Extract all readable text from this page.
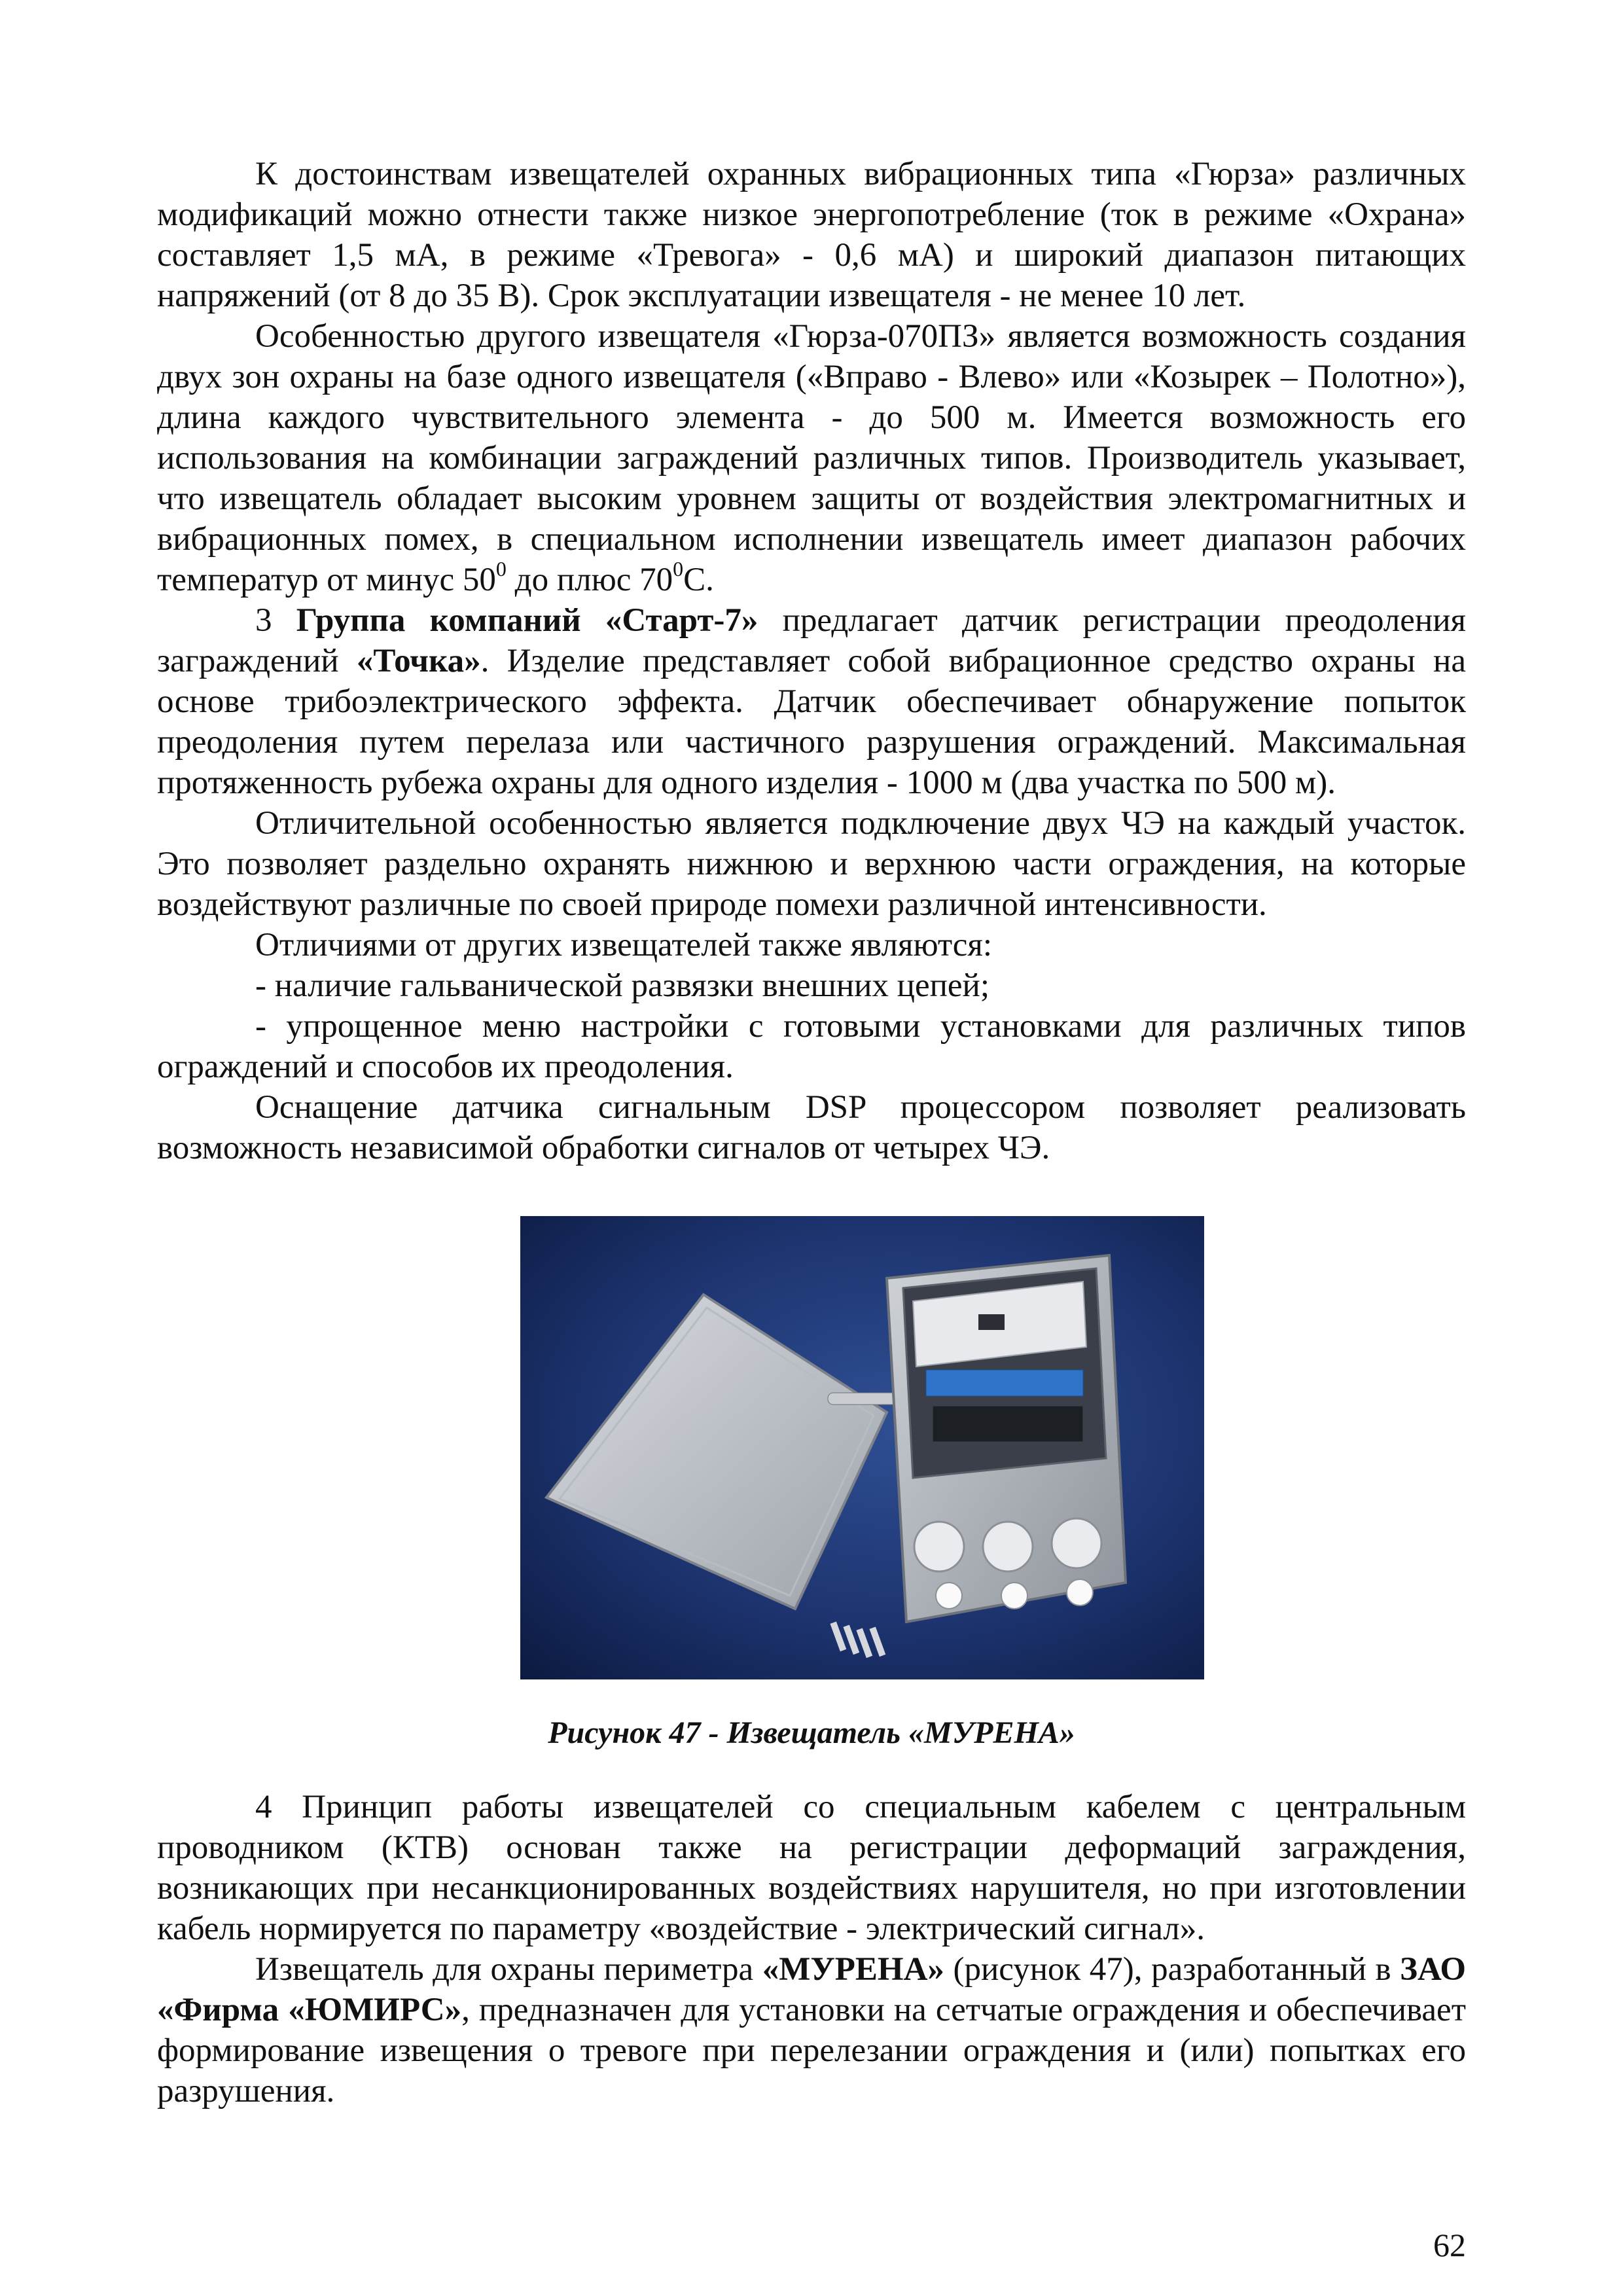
К достоинствам извещателей охранных вибрационных типа «Гюрза» различных модификаций можно отнести также низкое энергопотребление (ток в режиме «Охрана» составляет 1,5 мА, в режиме «Тревога» - 0,6 мА) и широкий диапазон питающих напряжений (от 8 до 35 В). Срок эксплуатации извещателя - не менее 10 лет.

Особенностью другого извещателя «Гюрза-070ПЗ» является возможность создания двух зон охраны на базе одного извещателя («Вправо - Влево» или «Козырек – Полотно»), длина каждого чувствительного элемента - до 500 м. Имеется возможность его использования на комбинации заграждений различных типов. Производитель указывает, что извещатель обладает высоким уровнем защиты от воздействия электромагнитных и вибрационных помех, в специальном исполнении извещатель имеет диапазон рабочих температур от минус $50^0$ до плюс $70^0С$.

3 Группа компаний «Старт-7» предлагает датчик регистрации преодоления заграждений «Точка». Изделие представляет собой вибрационное средство охраны на основе трибоэлектрического эффекта. Датчик обеспечивает обнаружение попыток преодоления путем перелаза или частичного разрушения ограждений. Максимальная протяженность рубежа охраны для одного изделия - 1000 м (два участка по 500 м).

Отличительной особенностью является подключение двух ЧЭ на каждый участок. Это позволяет раздельно охранять нижнюю и верхнюю части ограждения, на которые воздействуют различные по своей природе помехи различной интенсивности.

Отличиями от других извещателей также являются:

- наличие гальванической развязки внешних цепей;

- упрощенное меню настройки с готовыми установками для различных типов ограждений и способов их преодоления.

Оснащение датчика сигнальным DSP процессором позволяет реализовать возможность независимой обработки сигналов от четырех ЧЭ.

Рисунок 47 - Извещатель «МУРЕНА»

4 Принцип работы извещателей со специальным кабелем с центральным проводником (КТВ) основан также на регистрации деформаций заграждения, возникающих при несанкционированных воздействиях нарушителя, но при изготовлении кабель нормируется по параметру «воздействие - электрический сигнал».

Извещатель для охраны периметра «МУРЕНА» (рисунок 47), разработанный в ЗАО «Фирма «ЮМИРС», предназначен для установки на сетчатые ограждения и обеспечивает формирование извещения о тревоге при перелезании ограждения и (или) попытках его разрушения.

62
